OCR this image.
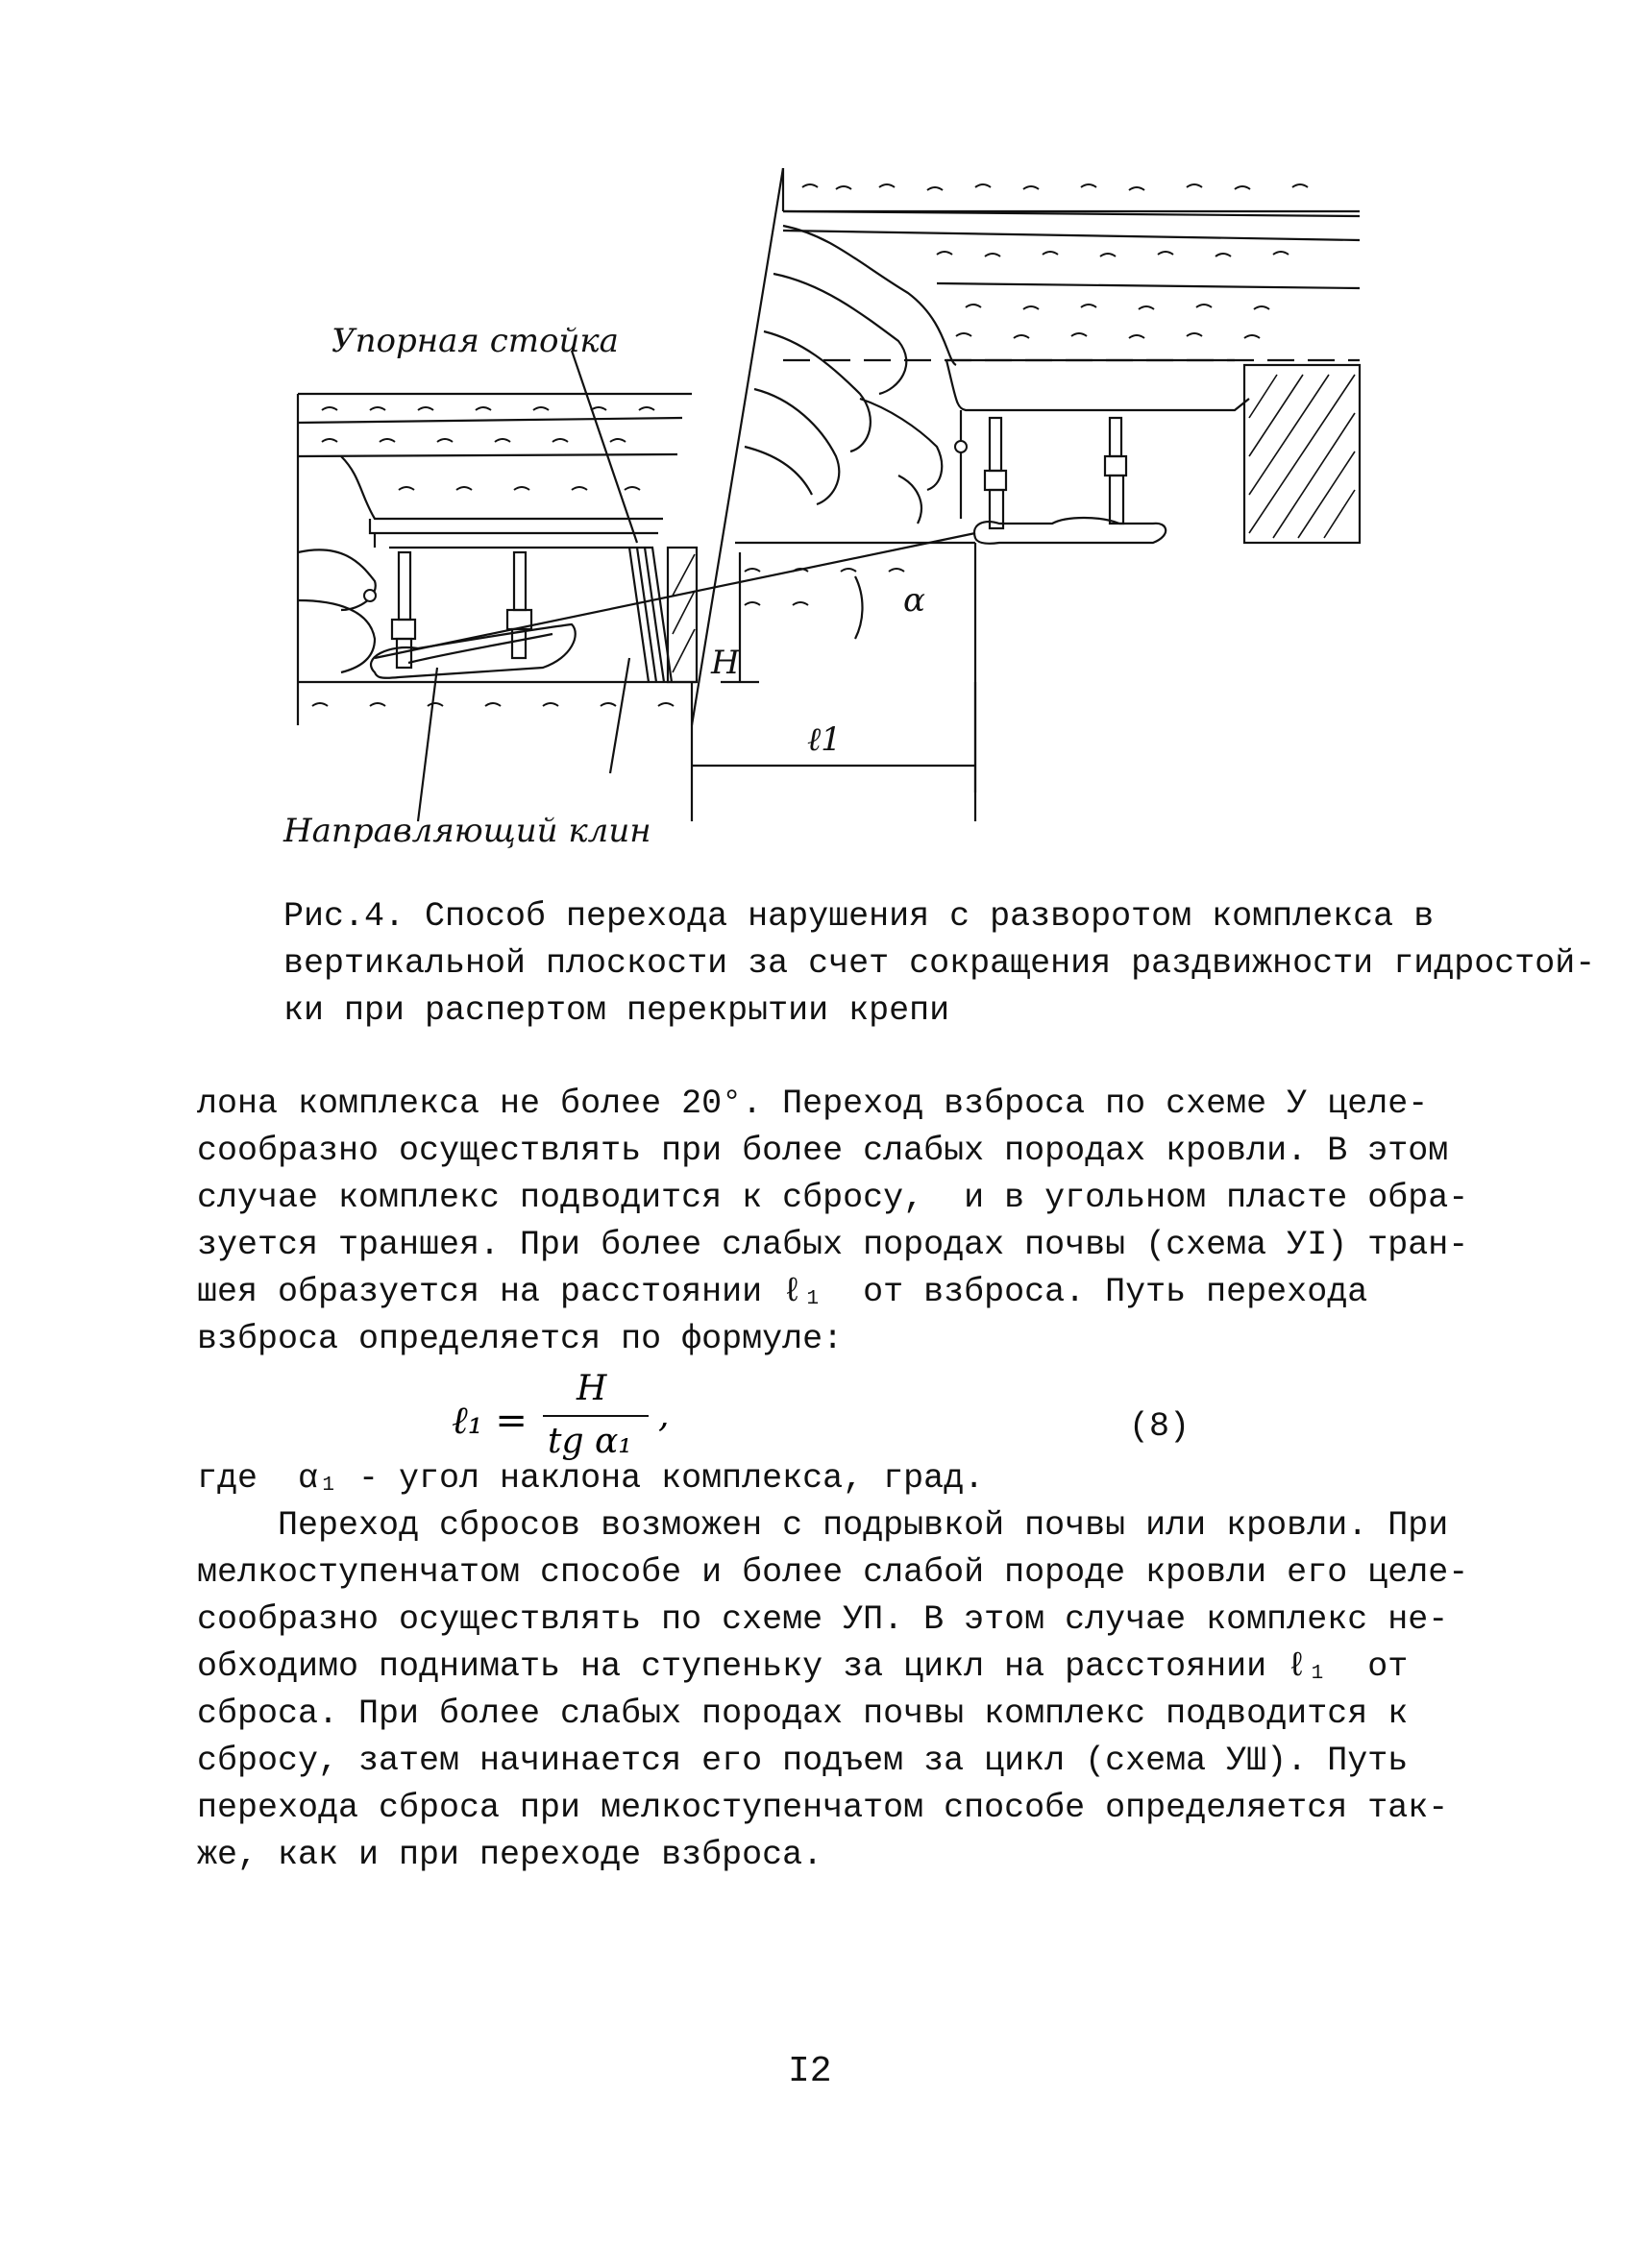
Упорная стойка
Направляющий клин
α
H
ℓ1
Рис.4. Способ перехода нарушения с разворотом комплекса в
вертикальной плоскости за счет сокращения раздвижности гидростой-
ки при распертом перекрытии крепи
лона комплекса не более 20°. Переход взброса по схеме У целе-
сообразно осуществлять при более слабых породах кровли. В этом
случае комплекс подводится к сбросу,  и в угольном пласте обра-
зуется траншея. При более слабых породах почвы (схема УI) тран-
шея образуется на расстоянии ℓ₁  от взброса. Путь перехода
взброса определяется по формуле:
ℓ₁ =
H
tg α₁
,	(8)
где  α₁ - угол наклона комплекса, град.
Переход сбросов возможен с подрывкой почвы или кровли. При
мелкоступенчатом способе и более слабой породе кровли его целе-
сообразно осуществлять по схеме УП. В этом случае комплекс не-
обходимо поднимать на ступеньку за цикл на расстоянии ℓ₁  от
сброса. При более слабых породах почвы комплекс подводится к
сбросу, затем начинается его подъем за цикл (схема УШ). Путь
перехода сброса при мелкоступенчатом способе определяется так-
же, как и при переходе взброса.
I2
